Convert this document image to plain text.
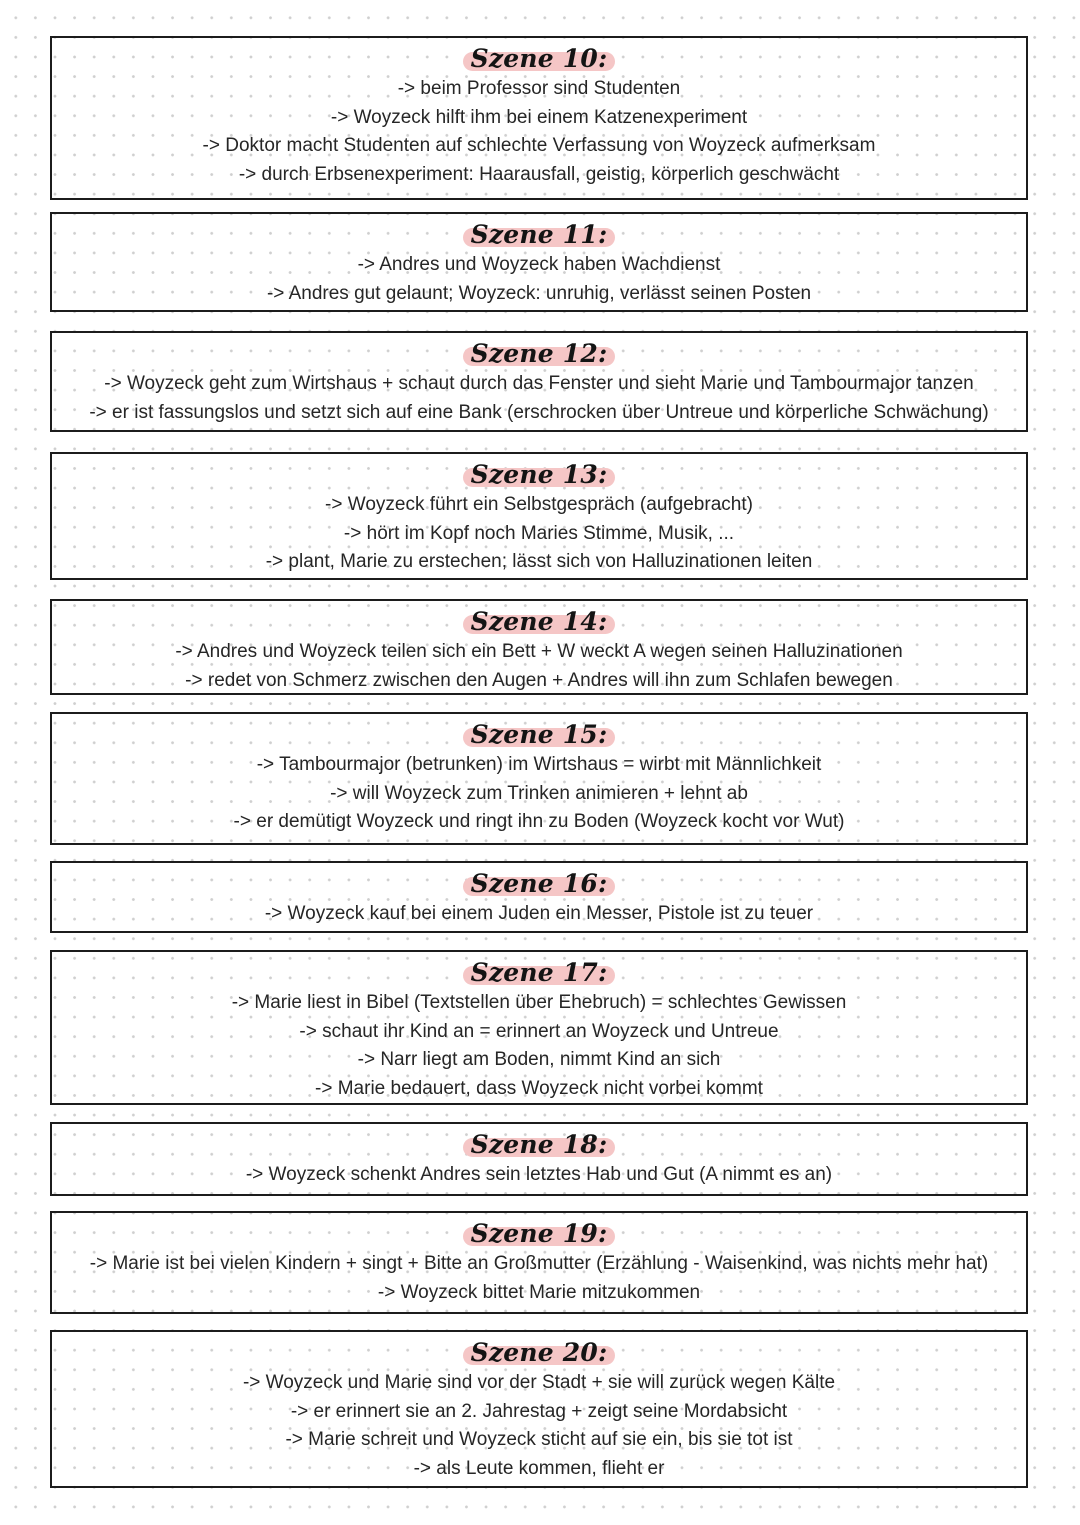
Szene 10:
-> beim Professor sind Studenten
-> Woyzeck hilft ihm bei einem Katzenexperiment
-> Doktor macht Studenten auf schlechte Verfassung von Woyzeck aufmerksam
-> durch Erbsenexperiment: Haarausfall, geistig, körperlich geschwächt
Szene 11:
-> Andres und Woyzeck haben Wachdienst
-> Andres gut gelaunt; Woyzeck: unruhig, verlässt seinen Posten
Szene 12:
-> Woyzeck geht zum Wirtshaus + schaut durch das Fenster und sieht Marie und Tambourmajor tanzen
-> er ist fassungslos und setzt sich auf eine Bank (erschrocken über Untreue und körperliche Schwächung)
Szene 13:
-> Woyzeck führt ein Selbstgespräch (aufgebracht)
-> hört im Kopf noch Maries Stimme, Musik, ...
-> plant, Marie zu erstechen; lässt sich von Halluzinationen leiten
Szene 14:
-> Andres und Woyzeck teilen sich ein Bett + W weckt A wegen seinen Halluzinationen
-> redet von Schmerz zwischen den Augen + Andres will ihn zum Schlafen bewegen
Szene 15:
-> Tambourmajor (betrunken) im Wirtshaus = wirbt mit Männlichkeit
-> will Woyzeck zum Trinken animieren + lehnt ab
-> er demütigt Woyzeck und ringt ihn zu Boden (Woyzeck kocht vor Wut)
Szene 16:
-> Woyzeck kauf bei einem Juden ein Messer, Pistole ist zu teuer
Szene 17:
-> Marie liest in Bibel (Textstellen über Ehebruch) = schlechtes Gewissen
-> schaut ihr Kind an = erinnert an Woyzeck und Untreue
-> Narr liegt am Boden, nimmt Kind an sich
-> Marie bedauert, dass Woyzeck nicht vorbei kommt
Szene 18:
-> Woyzeck schenkt Andres sein letztes Hab und Gut (A nimmt es an)
Szene 19:
-> Marie ist bei vielen Kindern + singt + Bitte an Großmutter (Erzählung - Waisenkind, was nichts mehr hat)
-> Woyzeck bittet Marie mitzukommen
Szene 20:
-> Woyzeck und Marie sind vor der Stadt + sie will zurück wegen Kälte
-> er erinnert sie an 2. Jahrestag + zeigt seine Mordabsicht
-> Marie schreit und Woyzeck sticht auf sie ein, bis sie tot ist
-> als Leute kommen, flieht er
